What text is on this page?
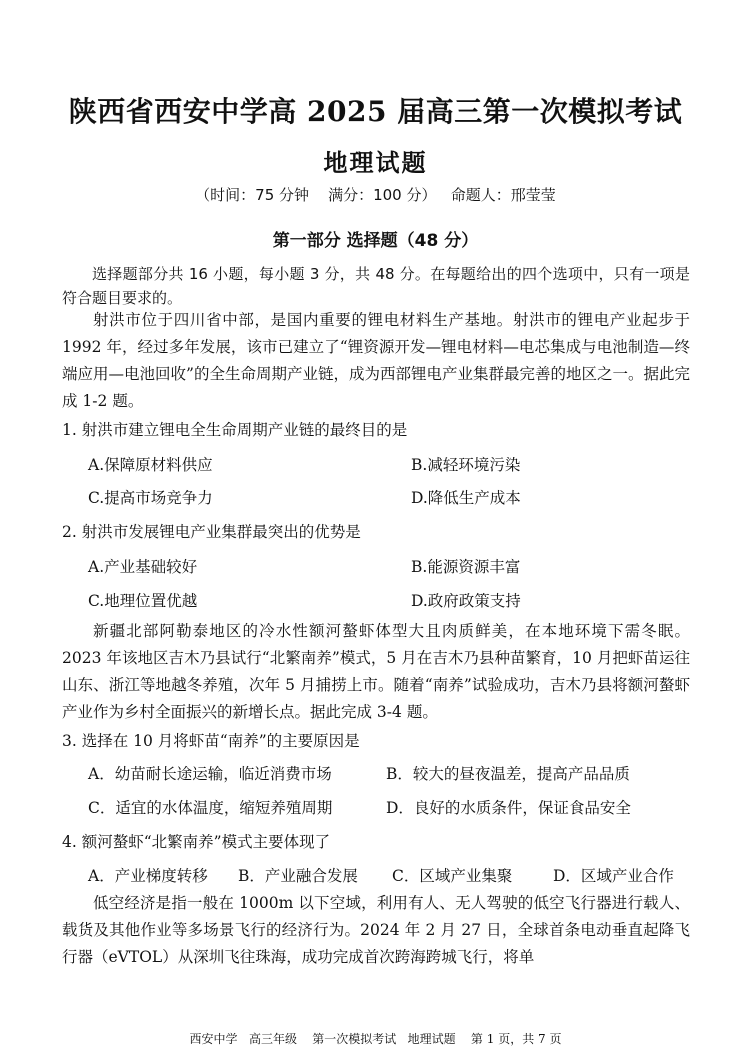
陕西省西安中学高 2025 届高三第一次模拟考试
地理试题
（时间：75 分钟    满分：100 分）   命题人：邢莹莹
第一部分 选择题（48 分）
选择题部分共 16 小题，每小题 3 分，共 48 分。在每题给出的四个选项中，只有一项是符合题目要求的。
射洪市位于四川省中部，是国内重要的锂电材料生产基地。射洪市的锂电产业起步于 1992 年，经过多年发展，该市已建立了“锂资源开发—锂电材料—电芯集成与电池制造—终端应用—电池回收”的全生命周期产业链，成为西部锂电产业集群最完善的地区之一。据此完成 1-2 题。
1. 射洪市建立锂电全生命周期产业链的最终目的是
A.保障原材料供应	B.减轻环境污染
C.提高市场竞争力	D.降低生产成本
2. 射洪市发展锂电产业集群最突出的优势是
A.产业基础较好	B.能源资源丰富
C.地理位置优越	D.政府政策支持
新疆北部阿勒泰地区的冷水性额河螯虾体型大且肉质鲜美，在本地环境下需冬眠。2023 年该地区吉木乃县试行“北繁南养”模式，5 月在吉木乃县种苗繁育，10 月把虾苗运往山东、浙江等地越冬养殖，次年 5 月捕捞上市。随着“南养”试验成功，吉木乃县将额河螯虾产业作为乡村全面振兴的新增长点。据此完成 3-4 题。
3. 选择在 10 月将虾苗“南养”的主要原因是
A．幼苗耐长途运输，临近消费市场	B．较大的昼夜温差，提高产品品质
C．适宜的水体温度，缩短养殖周期	D．良好的水质条件，保证食品安全
4. 额河螯虾“北繁南养”模式主要体现了
A．产业梯度转移 B．产业融合发展 C．区域产业集聚	D．区域产业合作
低空经济是指一般在 1000m 以下空域，利用有人、无人驾驶的低空飞行器进行载人、载货及其他作业等多场景飞行的经济行为。2024 年 2 月 27 日，全球首条电动垂直起降飞行器（eVTOL）从深圳飞往珠海，成功完成首次跨海跨城飞行，将单
西安中学   高三年级    第一次模拟考试   地理试题    第 1 页，共 7 页
